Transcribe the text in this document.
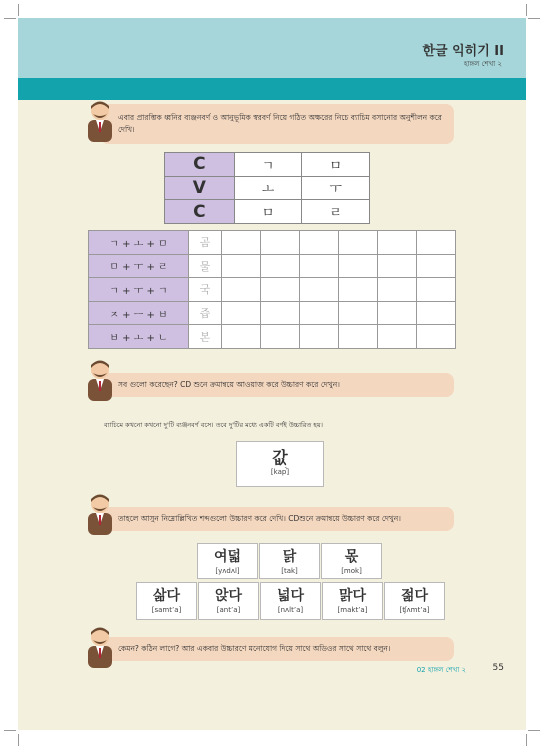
한글 익히기 II
হাঙ্গল শেখা ২
এবার প্রারম্ভিক ধ্বনির ব্যঞ্জনবর্ণ ও আনুভূমিক স্বরবর্ণ নিয়ে গঠিত অক্ষরের নিচে ব্যাচিম বসানোর অনুশীলন করে দেখি।
C	ㄱ	ㅁ
V	ㅗ	ㅜ
C	ㅁ	ㄹ
ㄱ + ㅗ + ㅁ	곰						
ㅁ + ㅜ + ㄹ	물						
ㄱ + ㅜ + ㄱ	국						
ㅈ + ㅡ + ㅂ	즙						
ㅂ + ㅗ + ㄴ	본						
সব গুলো করেছেন? CD শুনে ক্রমান্বয়ে আওয়াজ করে উচ্চারণ করে দেখুন।
ব্যাচিমে কখনো কখনো দু'টি ব্যঞ্জনবর্ণ বসে। তবে দু'টির মধ্যে একটি বর্ণই উচ্চারিত হয়।
값
[kap̚]
তাহলে আসুন নিম্নোল্লিখিত শব্দগুলো উচ্চারণ করে দেখি। CDশুনে ক্রমান্বয়ে উচ্চারণ করে দেখুন।
여덟
[yʌdʌl]
닭
[tak]
몫
[mok]
삶다
[samt’a]
앉다
[ant’a]
넓다
[nʌlt’a]
맑다
[makt’a]
젊다
[ʧʌmt’a]
কেমন? কঠিন লাগে? আর একবার উচ্চারণে মনোযোগ দিয়ে সাথে অডিওর সাথে সাথে বলুন।
02 হাঙ্গল শেখা ২	55
